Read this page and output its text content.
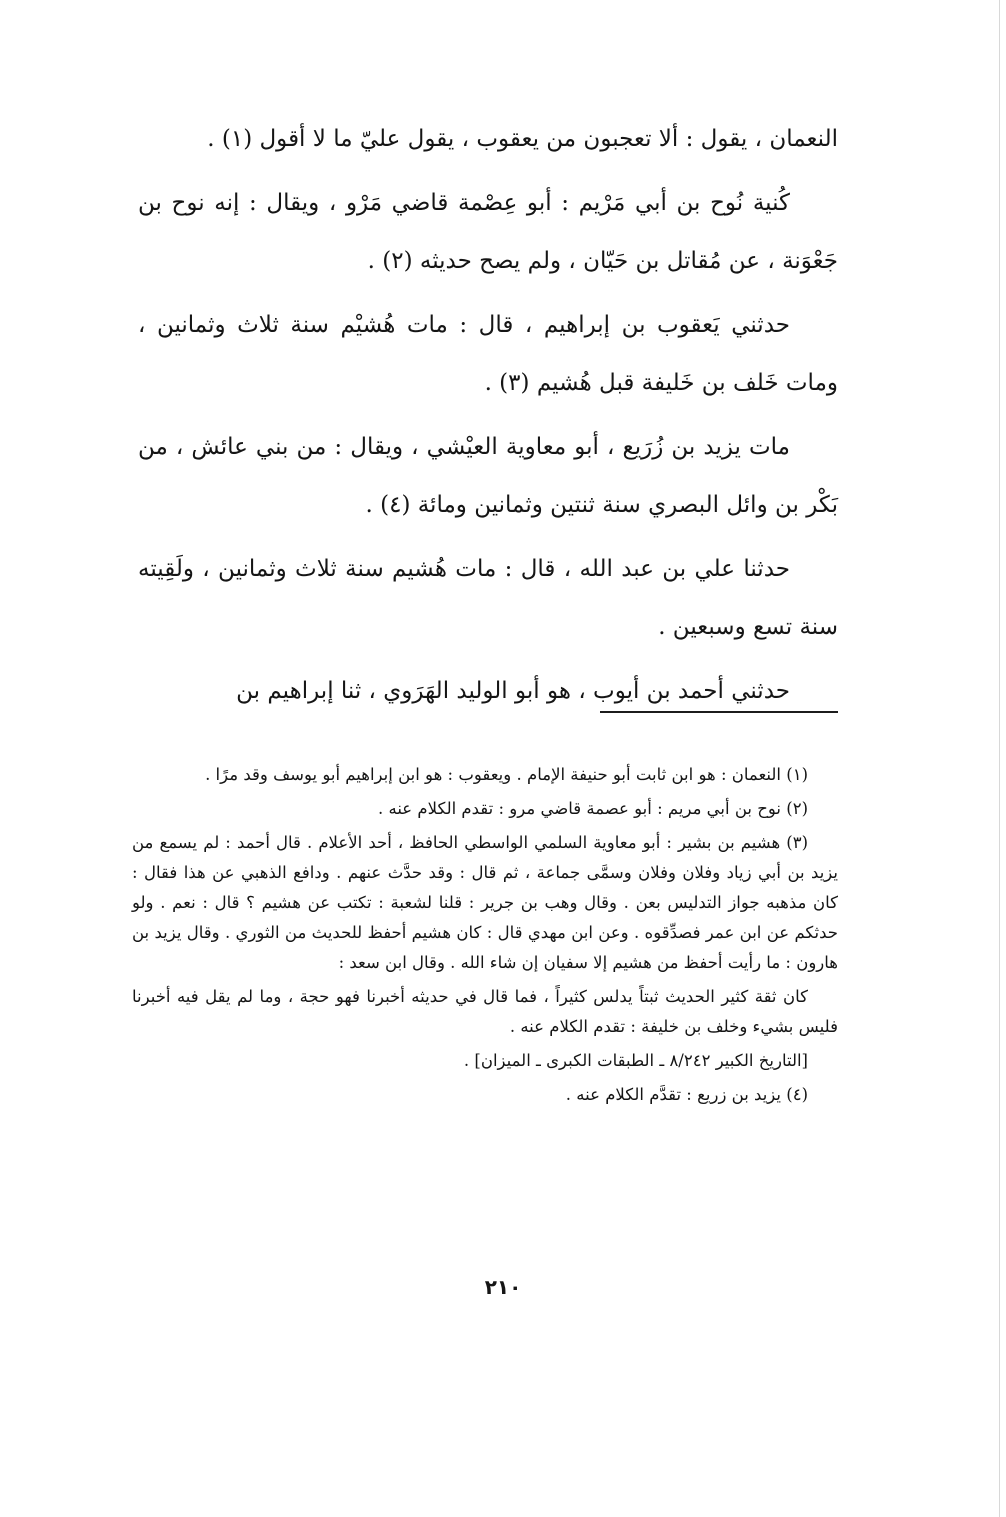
النعمان ، يقول : ألا تعجبون من يعقوب ، يقول عليّ ما لا أقول (١) .

كُنية نُوح بن أبي مَرْيم : أبو عِصْمة قاضي مَرْو ، ويقال : إنه نوح بن جَعْوَنة ، عن مُقاتل بن حَيّان ، ولم يصح حديثه (٢) .

حدثني يَعقوب بن إبراهيم ، قال : مات هُشيْم سنة ثلاث وثمانين ، ومات خَلف بن خَليفة قبل هُشيم (٣) .

مات يزيد بن زُرَيع ، أبو معاوية العيْشي ، ويقال : من بني عائش ، من بَكْر بن وائل البصري سنة ثنتين وثمانين ومائة (٤) .

حدثنا علي بن عبد الله ، قال : مات هُشيم سنة ثلاث وثمانين ، ولَقِيته سنة تسع وسبعين .

حدثني أحمد بن أيوب ، هو أبو الوليد الهَرَوي ، ثنا إبراهيم بن

(١) النعمان : هو ابن ثابت أبو حنيفة الإمام . ويعقوب : هو ابن إبراهيم أبو يوسف وقد مرًا .

(٢) نوح بن أبي مريم : أبو عصمة قاضي مرو : تقدم الكلام عنه .

(٣) هشيم بن بشير : أبو معاوية السلمي الواسطي الحافظ ، أحد الأعلام . قال أحمد : لم يسمع من يزيد بن أبي زياد وفلان وفلان وسمَّى جماعة ، ثم قال : وقد حدَّث عنهم . ودافع الذهبي عن هذا فقال : كان مذهبه جواز التدليس بعن . وقال وهب بن جرير : قلنا لشعبة : تكتب عن هشيم ؟ قال : نعم . ولو حدثكم عن ابن عمر فصدِّقوه . وعن ابن مهدي قال : كان هشيم أحفظ للحديث من الثوري . وقال يزيد بن هارون : ما رأيت أحفظ من هشيم إلا سفيان إن شاء الله . وقال ابن سعد :

كان ثقة كثير الحديث ثبتاً يدلس كثيراً ، فما قال في حديثه أخبرنا فهو حجة ، وما لم يقل فيه أخبرنا فليس بشيء وخلف بن خليفة : تقدم الكلام عنه .

[التاريخ الكبير ٨/٢٤٢ ـ الطبقات الكبرى ـ الميزان] .

(٤) يزيد بن زريع : تقدَّم الكلام عنه .

٢١٠
